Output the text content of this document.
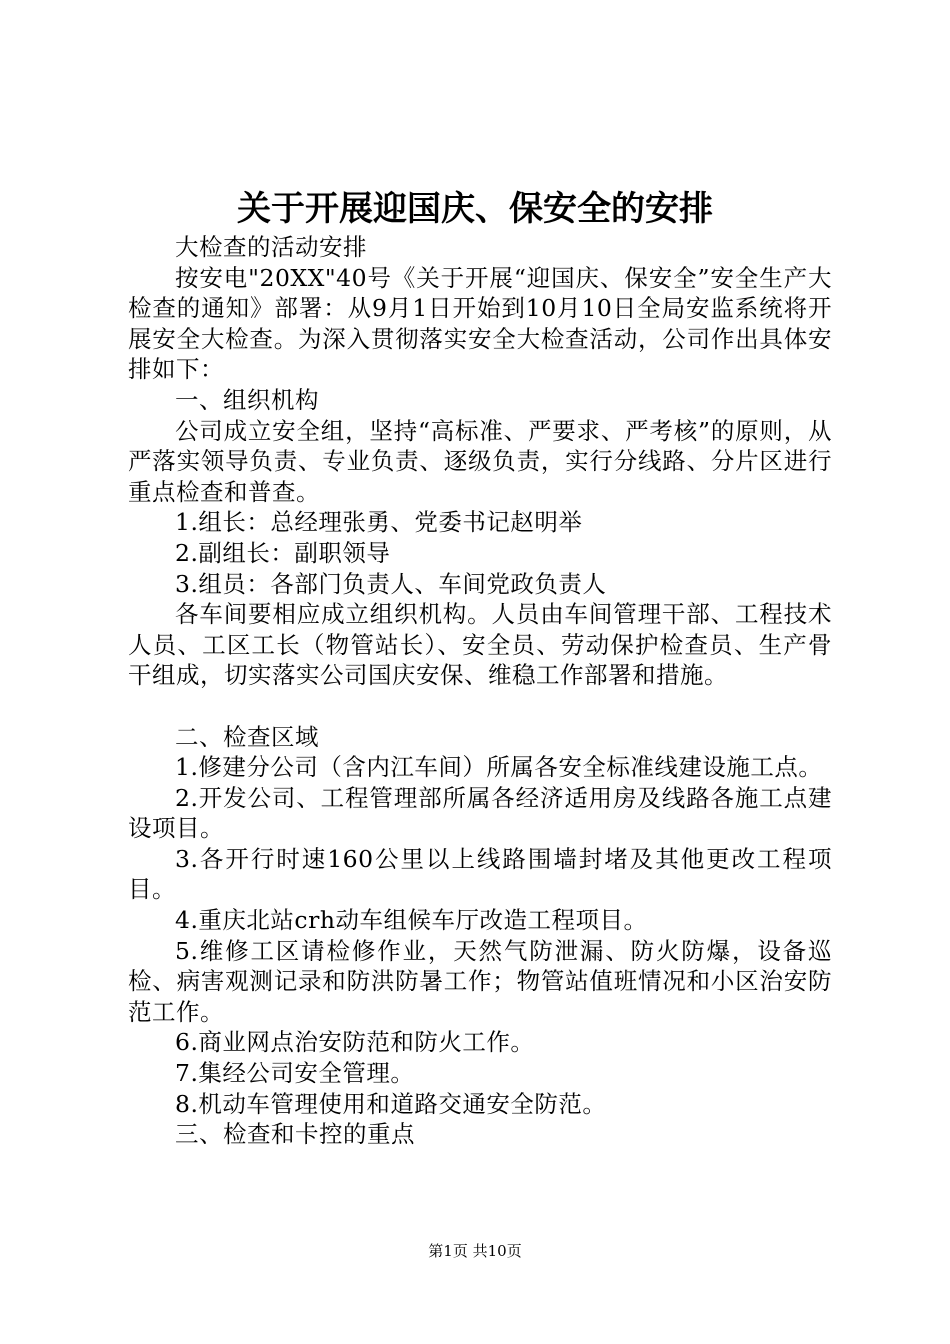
关于开展迎国庆、保安全的安排

大检查的活动安排

按安电"20XX"40号《关于开展“迎国庆、保安全”安全生产大检查的通知》部署：从9月1日开始到10月10日全局安监系统将开展安全大检查。为深入贯彻落实安全大检查活动，公司作出具体安排如下：

一、组织机构

公司成立安全组，坚持“高标准、严要求、严考核”的原则，从严落实领导负责、专业负责、逐级负责，实行分线路、分片区进行重点检查和普查。

1.组长：总经理张勇、党委书记赵明举

2.副组长：副职领导

3.组员：各部门负责人、车间党政负责人

各车间要相应成立组织机构。人员由车间管理干部、工程技术人员、工区工长（物管站长）、安全员、劳动保护检查员、生产骨干组成，切实落实公司国庆安保、维稳工作部署和措施。

二、检查区域

1.修建分公司（含内江车间）所属各安全标准线建设施工点。

2.开发公司、工程管理部所属各经济适用房及线路各施工点建设项目。

3.各开行时速160公里以上线路围墙封堵及其他更改工程项目。

4.重庆北站crh动车组候车厅改造工程项目。

5.维修工区请检修作业，天然气防泄漏、防火防爆，设备巡检、病害观测记录和防洪防暑工作；物管站值班情况和小区治安防范工作。

6.商业网点治安防范和防火工作。

7.集经公司安全管理。

8.机动车管理使用和道路交通安全防范。

三、检查和卡控的重点

第1页 共10页
